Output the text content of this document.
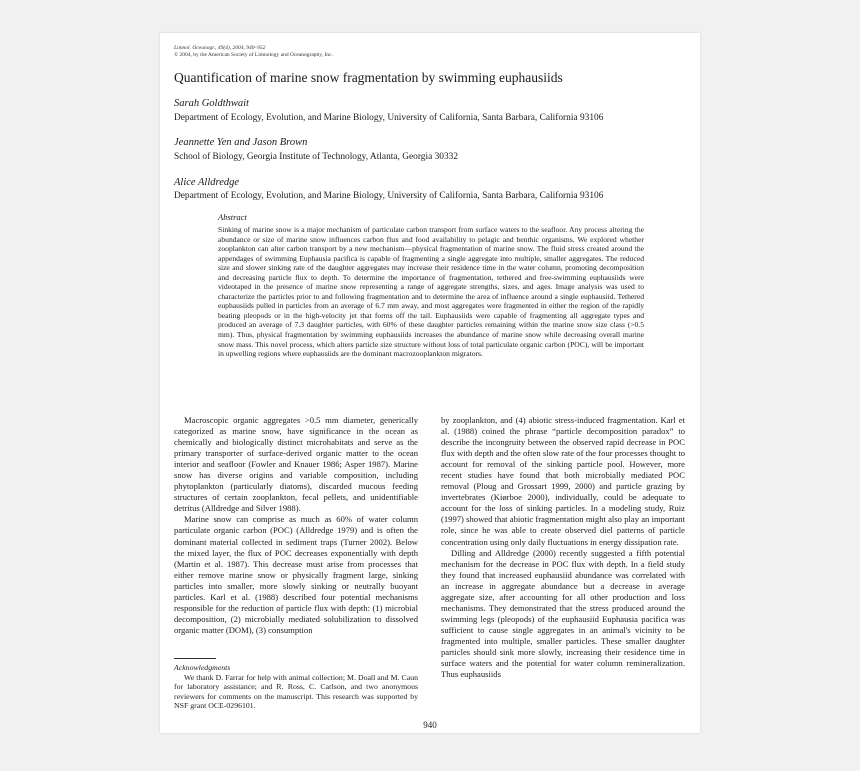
Limnol. Oceanogr., 49(4), 2004, 940–952
© 2004, by the American Society of Limnology and Oceanography, Inc.
Quantification of marine snow fragmentation by swimming euphausiids
Sarah Goldthwait
Department of Ecology, Evolution, and Marine Biology, University of California, Santa Barbara, California 93106
Jeannette Yen and Jason Brown
School of Biology, Georgia Institute of Technology, Atlanta, Georgia 30332
Alice Alldredge
Department of Ecology, Evolution, and Marine Biology, University of California, Santa Barbara, California 93106
Abstract

Sinking of marine snow is a major mechanism of particulate carbon transport from surface waters to the seafloor. Any process altering the abundance or size of marine snow influences carbon flux and food availability to pelagic and benthic organisms. We explored whether zooplankton can alter carbon transport by a new mechanism—physical fragmentation of marine snow. The fluid stress created around the appendages of swimming Euphausia pacifica is capable of fragmenting a single aggregate into multiple, smaller aggregates. The reduced size and slower sinking rate of the daughter aggregates may increase their residence time in the water column, promoting decomposition and decreasing particle flux to depth. To determine the importance of fragmentation, tethered and free-swimming euphausiids were videotaped in the presence of marine snow representing a range of aggregate strengths, sizes, and ages. Image analysis was used to characterize the particles prior to and following fragmentation and to determine the area of influence around a single euphausiid. Tethered euphausiids pulled in particles from an average of 6.7 mm away, and most aggregates were fragmented in either the region of the rapidly beating pleopods or in the high-velocity jet that forms off the tail. Euphausiids were capable of fragmenting all aggregate types and produced an average of 7.3 daughter particles, with 60% of these daughter particles remaining within the marine snow size class (>0.5 mm). Thus, physical fragmentation by swimming euphausiids increases the abundance of marine snow while decreasing overall marine snow mass. This novel process, which alters particle size structure without loss of total particulate organic carbon (POC), will be important in upwelling regions where euphausiids are the dominant macrozooplankton migrators.

Macroscopic organic aggregates >0.5 mm diameter, generically categorized as marine snow, have significance in the ocean as chemically and biologically distinct microhabitats and serve as the primary transporter of surface-derived organic matter to the ocean interior and seafloor (Fowler and Knauer 1986; Asper 1987). Marine snow has diverse origins and variable composition, including phytoplankton (particularly diatoms), discarded mucous feeding structures of certain zooplankton, fecal pellets, and unidentifiable detritus (Alldredge and Silver 1988).

Marine snow can comprise as much as 60% of water column particulate organic carbon (POC) (Alldredge 1979) and is often the dominant material collected in sediment traps (Turner 2002). Below the mixed layer, the flux of POC decreases exponentially with depth (Martin et al. 1987). This decrease must arise from processes that either remove marine snow or physically fragment large, sinking particles into smaller, more slowly sinking or neutrally buoyant particles. Karl et al. (1988) described four potential mechanisms responsible for the reduction of particle flux with depth: (1) microbial decomposition, (2) microbially mediated solubilization to dissolved organic matter (DOM), (3) consumption

by zooplankton, and (4) abiotic stress-induced fragmentation. Karl et al. (1988) coined the phrase “particle decomposition paradox” to describe the incongruity between the observed rapid decrease in POC flux with depth and the often slow rate of the four processes thought to account for removal of the sinking particle pool. However, more recent studies have found that both microbially mediated POC removal (Ploug and Grossart 1999, 2000) and particle grazing by invertebrates (Kiørboe 2000), individually, could be adequate to account for the loss of sinking particles. In a modeling study, Ruiz (1997) showed that abiotic fragmentation might also play an important role, since he was able to create observed diel patterns of particle concentration using only daily fluctuations in energy dissipation rate.

Dilling and Alldredge (2000) recently suggested a fifth potential mechanism for the decrease in POC flux with depth. In a field study they found that increased euphausiid abundance was correlated with an increase in aggregate abundance but a decrease in average aggregate size, after accounting for all other production and loss mechanisms. They demonstrated that the stress produced around the swimming legs (pleopods) of the euphausiid Euphausia pacifica was sufficient to cause single aggregates in an animal's vicinity to be fragmented into multiple, smaller particles. These smaller daughter particles should sink more slowly, increasing their residence time in surface waters and the potential for water column remineralization. Thus euphausiids

Acknowledgments

We thank D. Farrar for help with animal collection; M. Doall and M. Caun for laboratory assistance; and R. Ross, C. Carlson, and two anonymous reviewers for comments on the manuscript. This research was supported by NSF grant OCE-0296101.

940
